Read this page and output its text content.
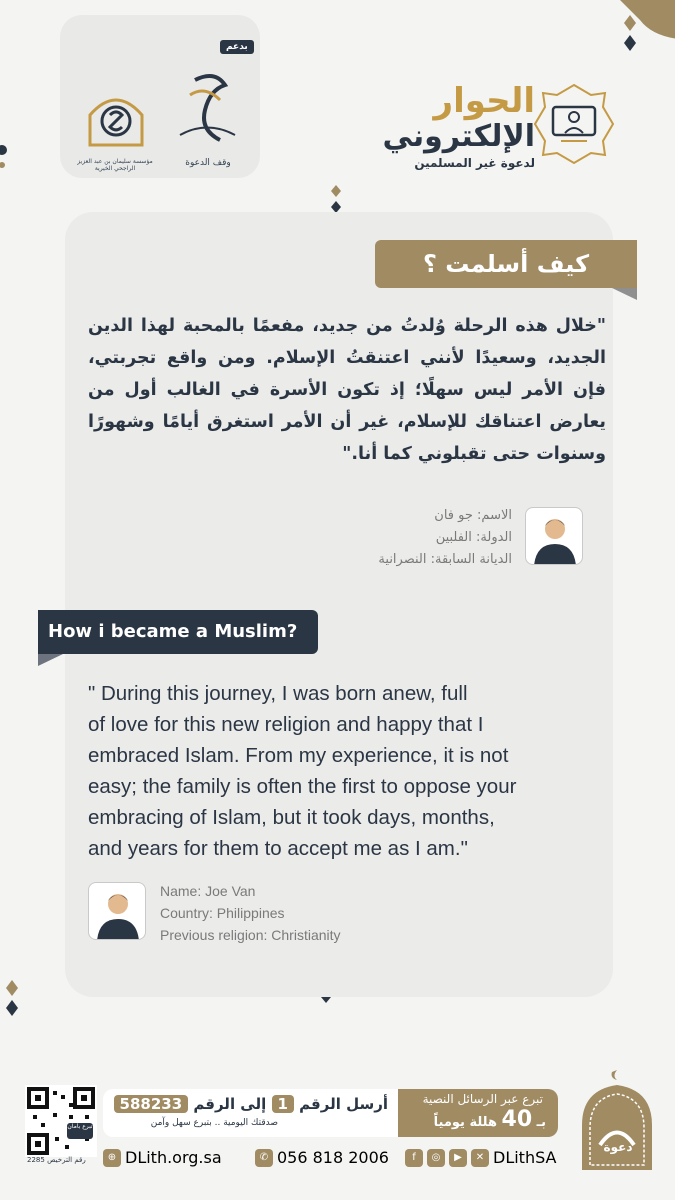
بدعم
مؤسسة سليمان بن عبد العزيز الراجحي الخيرية
وقف الدعوة
الحوار
الإلكتروني
لدعوة غير المسلمين
كيف أسلمت ؟
"خلال هذه الرحلة وُلدتُ من جديد، مفعمًا بالمحبة لهذا الدين الجديد، وسعيدًا لأنني اعتنقتُ الإسلام. ومن واقع تجربتي، فإن الأمر ليس سهلًا؛ إذ تكون الأسرة في الغالب أول من يعارض اعتناقك للإسلام، غير أن الأمر استغرق أيامًا وشهورًا وسنوات حتى تقبلوني كما أنا."
الاسم: جو فان
الدولة: الفلبين
الديانة السابقة: النصرانية
How i became a Muslim?
" During this journey, I was born anew, full
of love for this new religion and happy that I
embraced Islam. From my experience, it is not
easy; the family is often the first to oppose your
embracing of Islam, but it took days, months,
and years for them to accept me as I am."
Name: Joe Van
Country: Philippines
Previous religion: Christianity
تبرع بأمان
رقم الترخيص 2285
أرسل الرقم 1 إلى الرقم 588233
صدقتك اليومية .. بتبرع سهل وآمن
تبرع عبر الرسائل النصية
بـ 40 هللة يومياً
⊕ DLith.org.sa	✆ 056 818 2006	f	◎	▶	✕ DLithSA
دعوة
